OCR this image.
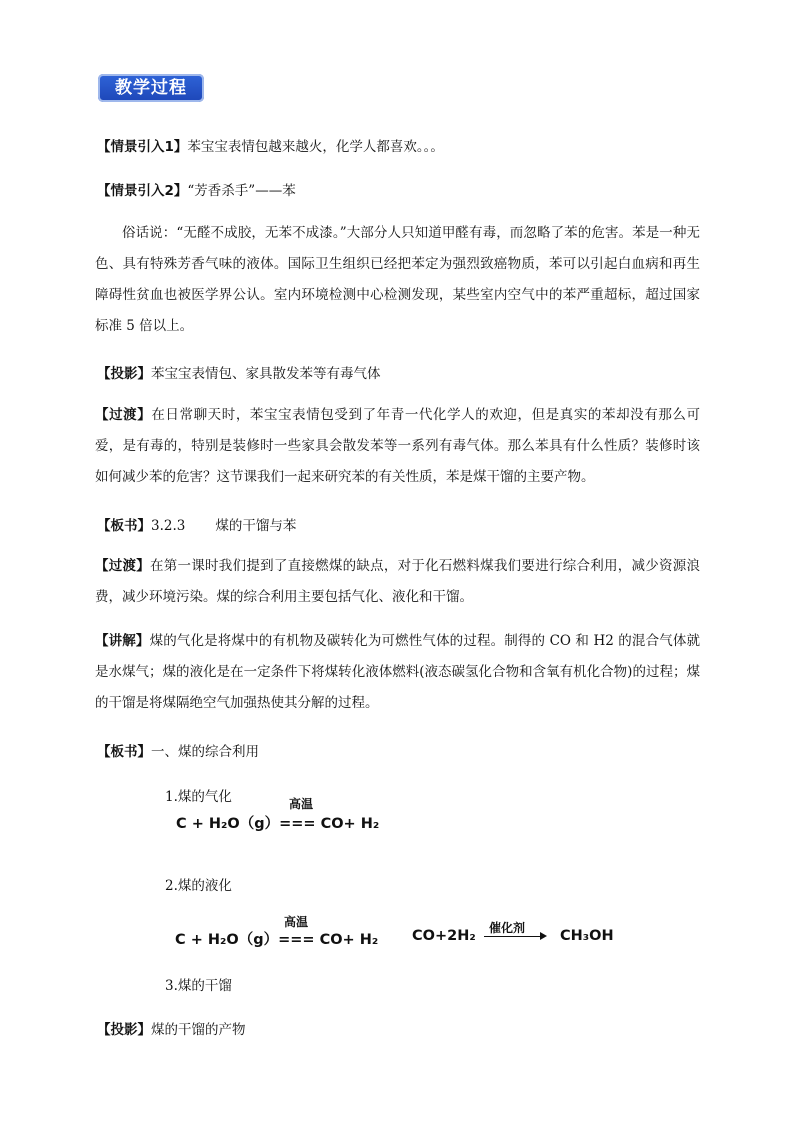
教学过程
【情景引入1】苯宝宝表情包越来越火，化学人都喜欢。。。
【情景引入2】“芳香杀手”——苯
俗话说：“无醛不成胶，无苯不成漆。”大部分人只知道甲醛有毒，而忽略了苯的危害。苯是一种无色、具有特殊芳香气味的液体。国际卫生组织已经把苯定为强烈致癌物质，苯可以引起白血病和再生障碍性贫血也被医学界公认。室内环境检测中心检测发现，某些室内空气中的苯严重超标，超过国家标准 5 倍以上。
【投影】苯宝宝表情包、家具散发苯等有毒气体
【过渡】在日常聊天时，苯宝宝表情包受到了年青一代化学人的欢迎，但是真实的苯却没有那么可爱，是有毒的，特别是装修时一些家具会散发苯等一系列有毒气体。那么苯具有什么性质？装修时该如何减少苯的危害？这节课我们一起来研究苯的有关性质，苯是煤干馏的主要产物。
【板书】3.2.3 煤的干馏与苯
【过渡】在第一课时我们提到了直接燃煤的缺点，对于化石燃料煤我们要进行综合利用，减少资源浪费，减少环境污染。煤的综合利用主要包括气化、液化和干馏。
【讲解】煤的气化是将煤中的有机物及碳转化为可燃性气体的过程。制得的 CO 和 H2 的混合气体就是水煤气；煤的液化是在一定条件下将煤转化液体燃料(液态碳氢化合物和含氧有机化合物)的过程；煤的干馏是将煤隔绝空气加强热使其分解的过程。
【板书】一、煤的综合利用
1.煤的气化	高温
C + H₂O（g）=== CO+ H₂
2.煤的液化
高温
C + H₂O（g）=== CO+ H₂ CO+2H₂ 催化剂 CH₃OH
3.煤的干馏
【投影】煤的干馏的产物
